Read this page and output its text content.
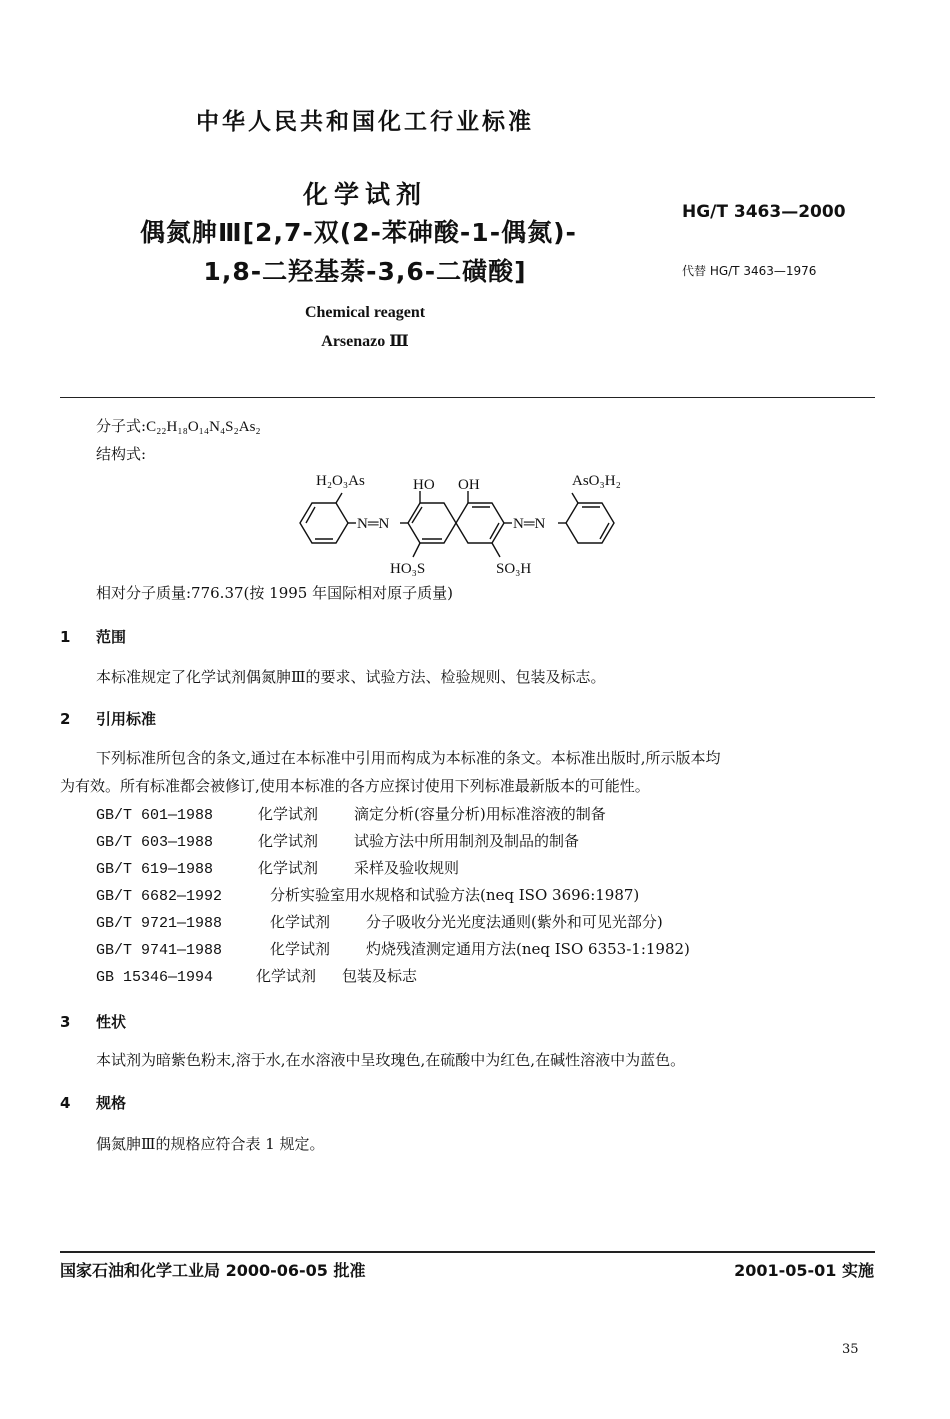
中华人民共和国化工行业标准
化学试剂
偶氮胂Ⅲ[2,7-双(2-苯砷酸-1-偶氮)-
1,8-二羟基萘-3,6-二磺酸]
HG/T 3463—2000
代替 HG/T 3463—1976
Chemical reagent
Arsenazo Ⅲ
分子式:C₂₂H₁₈O₁₄N₄S₂As₂
结构式:
H₂O₃As	HO OH	AsO₃H₂
N═N	N═N
HO₃S	SO₃H
相对分子质量:776.37(按 1995 年国际相对原子质量)
1 范围
本标准规定了化学试剂偶氮胂Ⅲ的要求、试验方法、检验规则、包装及标志。
2 引用标准
下列标准所包含的条文,通过在本标准中引用而构成为本标准的条文。本标准出版时,所示版本均
为有效。所有标准都会被修订,使用本标准的各方应探讨使用下列标准最新版本的可能性。
GB/T 601—1988	化学试剂 滴定分析(容量分析)用标准溶液的制备
GB/T 603—1988	化学试剂 试验方法中所用制剂及制品的制备
GB/T 619—1988	化学试剂 采样及验收规则
GB/T 6682—1992	分析实验室用水规格和试验方法(neq ISO 3696:1987)
GB/T 9721—1988	化学试剂 分子吸收分光光度法通则(紫外和可见光部分)
GB/T 9741—1988	化学试剂 灼烧残渣测定通用方法(neq ISO 6353-1:1982)
GB 15346—1994	化学试剂 包装及标志
3 性状
本试剂为暗紫色粉末,溶于水,在水溶液中呈玫瑰色,在硫酸中为红色,在碱性溶液中为蓝色。
4 规格
偶氮胂Ⅲ的规格应符合表 1 规定。
国家石油和化学工业局 2000-06-05 批准	2001-05-01 实施
35
